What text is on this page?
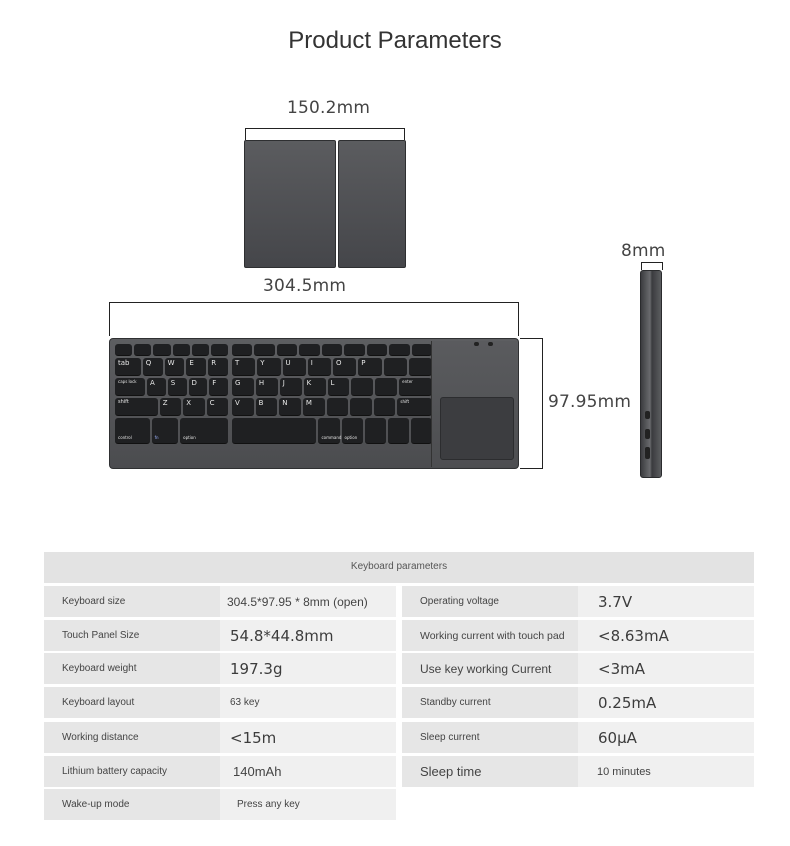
Product Parameters
150.2mm
8mm
304.5mm
97.95mm
tab Q W E R
caps lock A S D F
shift	Z	X	C
control	fn	option
T	Y	U	I	O	P
G	H	J	K	L	enter
V	B	N	M	shift
command option
Keyboard parameters
Keyboard size	304.5*97.95 * 8mm (open)
Touch Panel Size	54.8*44.8mm
Keyboard weight	197.3g
Keyboard layout	63 key
Working distance	<15m
Lithium battery capacity	140mAh
Wake-up mode	Press any key
Operating voltage	3.7V
Working current with touch pad	<8.63mA
Use key working Current	<3mA
Standby current	0.25mA
Sleep current	60μA
Sleep time	10 minutes
